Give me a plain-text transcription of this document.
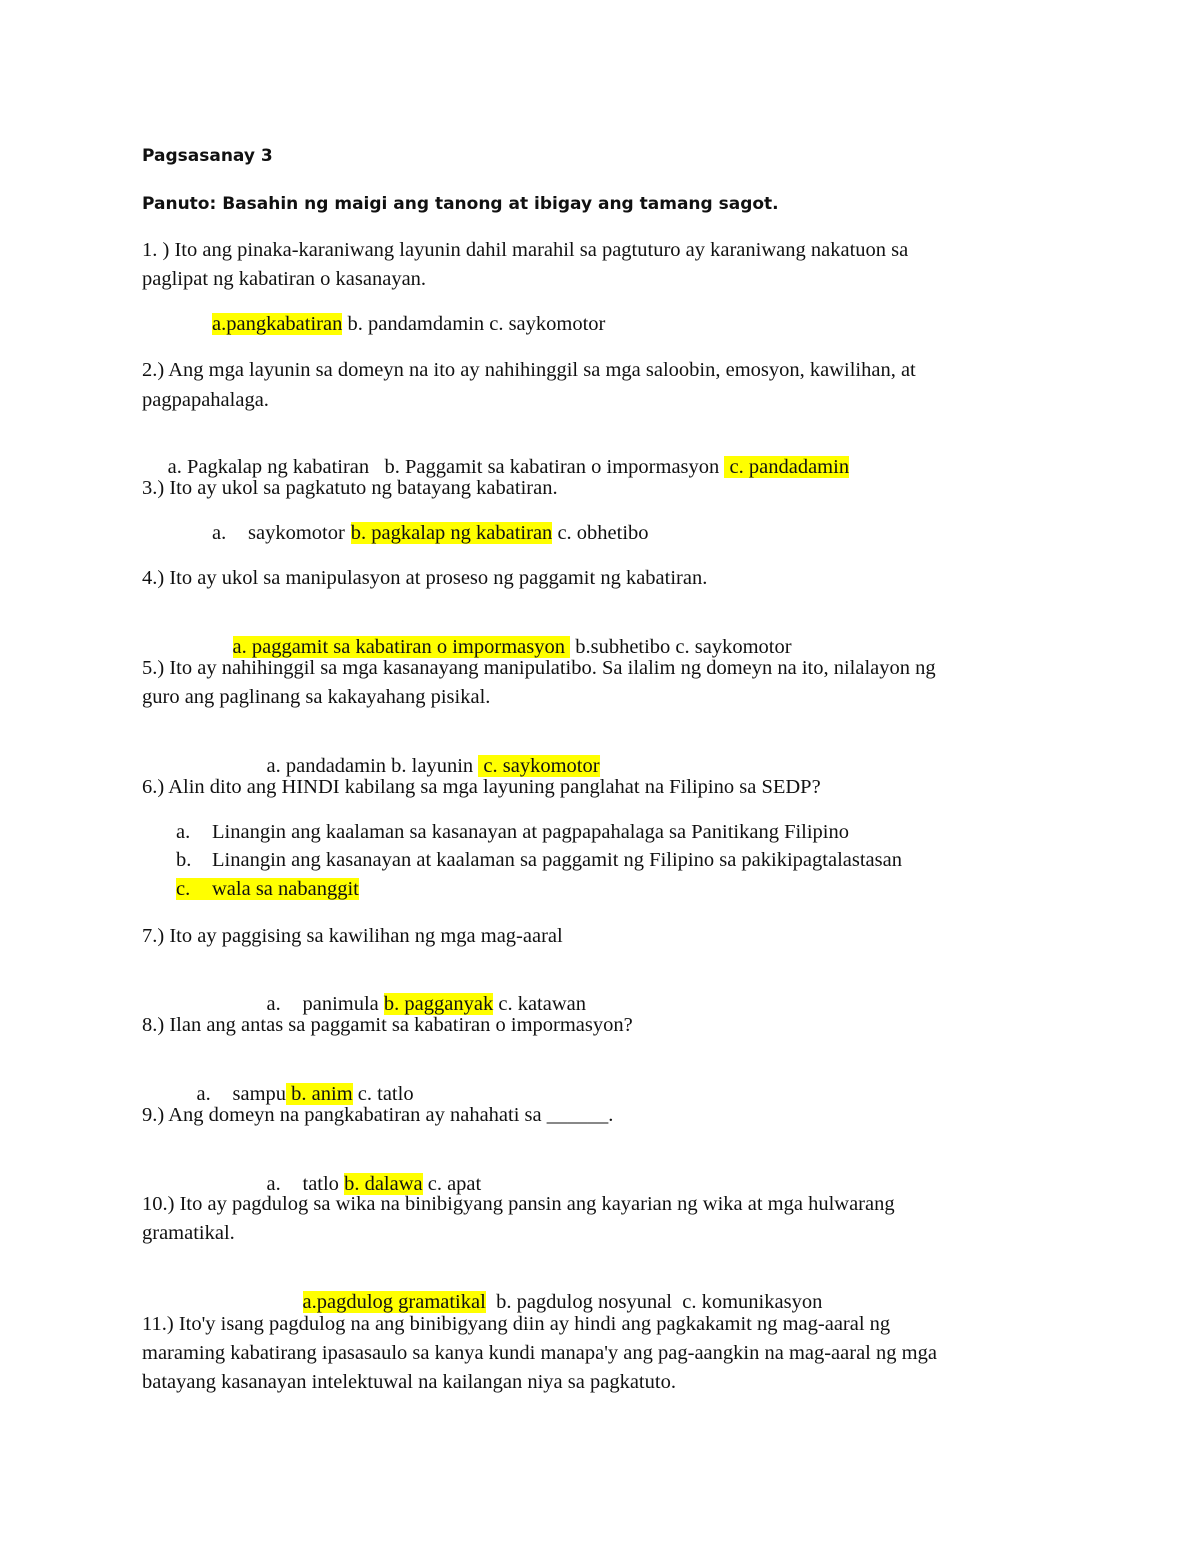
Pagsasanay 3
Panuto: Basahin ng maigi ang tanong at ibigay ang tamang sagot.
1. ) Ito ang pinaka-karaniwang layunin dahil marahil sa pagtuturo ay karaniwang nakatuon sa
paglipat ng kabatiran o kasanayan.
a.pangkabatiran b. pandamdamin c. saykomotor
2.) Ang mga layunin sa domeyn na ito ay nahihinggil sa mga saloobin, emosyon, kawilihan, at
pagpapahalaga.

a. Pagkalap ng kabatiran   b. Paggamit sa kabatiran o impormasyon  c. pandadamin

3.) Ito ay ukol sa pagkatuto ng batayang kabatiran.
a. saykomotor b. pagkalap ng kabatiran c. obhetibo
4.) Ito ay ukol sa manipulasyon at proseso ng paggamit ng kabatiran.

a. paggamit sa kabatiran o impormasyon  b.subhetibo c. saykomotor

5.) Ito ay nahihinggil sa mga kasanayang manipulatibo. Sa ilalim ng domeyn na ito, nilalayon ng
guro ang paglinang sa kakayahang pisikal.

a. pandadamin b. layunin  c. saykomotor

6.) Alin dito ang HINDI kabilang sa mga layuning panglahat na Filipino sa SEDP?
a. Linangin ang kaalaman sa kasanayan at pagpapahalaga sa Panitikang Filipino
b. Linangin ang kasanayan at kaalaman sa paggamit ng Filipino sa pakikipagtalastasan
c. wala sa nabanggit
7.) Ito ay paggising sa kawilihan ng mga mag-aaral

a. panimula b. pagganyak c. katawan

8.) Ilan ang antas sa paggamit sa kabatiran o impormasyon?

a. sampu b. anim c. tatlo

9.) Ang domeyn na pangkabatiran ay nahahati sa ______.

a. tatlo b. dalawa c. apat

10.) Ito ay pagdulog sa wika na binibigyang pansin ang kayarian ng wika at mga hulwarang
gramatikal.

a.pagdulog gramatikal  b. pagdulog nosyunal  c. komunikasyon

11.) Ito'y isang pagdulog na ang binibigyang diin ay hindi ang pagkakamit ng mag-aaral ng
maraming kabatirang ipasasaulo sa kanya kundi manapa'y ang pag-aangkin na mag-aaral ng mga
batayang kasanayan intelektuwal na kailangan niya sa pagkatuto.
